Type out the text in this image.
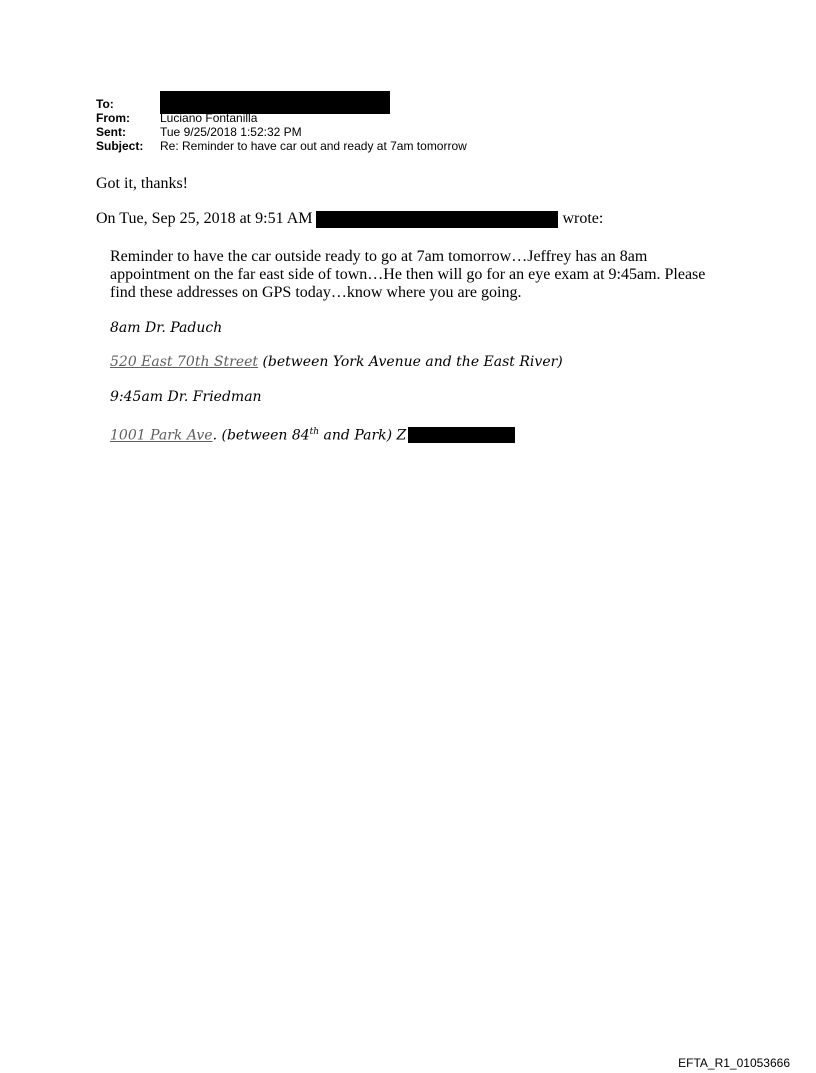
To:
From:	Luciano Fontanilla
Sent:	Tue 9/25/2018 1:52:32 PM
Subject:	Re: Reminder to have car out and ready at 7am tomorrow
Got it, thanks!
On Tue, Sep 25, 2018 at 9:51 AM	wrote:

Reminder to have the car outside ready to go at 7am tomorrow…Jeffrey has an 8am
appointment on the far east side of town…He then will go for an eye exam at 9:45am. Please
find these addresses on GPS today…know where you are going.

8am Dr. Paduch
520 East 70th Street (between York Avenue and the East River)
9:45am Dr. Friedman
1001 Park Ave. (between 84th and Park) Z
EFTA_R1_01053666
